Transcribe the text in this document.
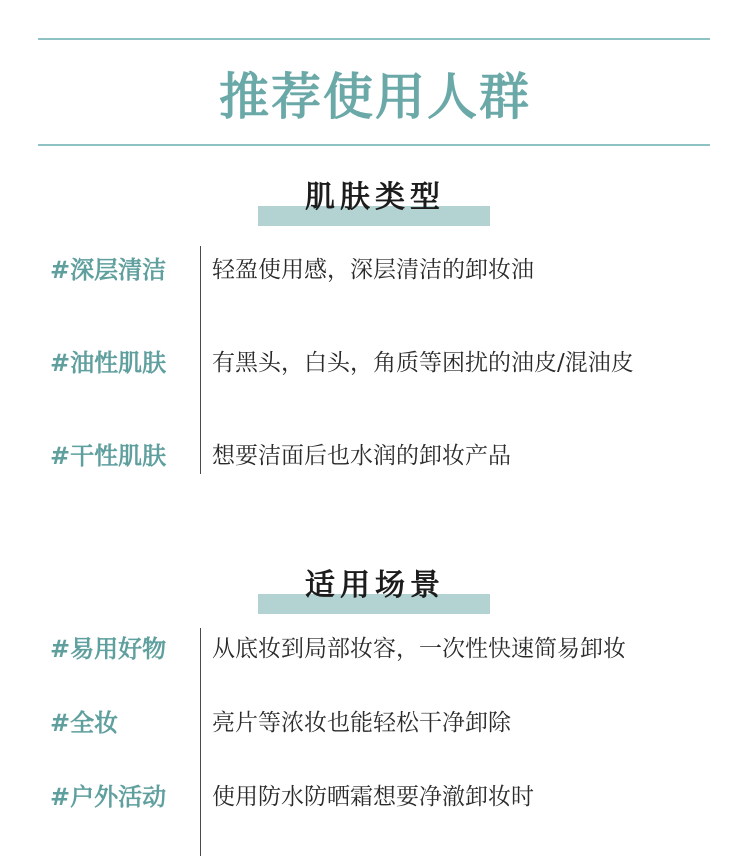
推荐使用人群
肌肤类型
#深层清洁 轻盈使用感，深层清洁的卸妆油
#油性肌肤 有黑头，白头，角质等困扰的油皮/混油皮
#干性肌肤 想要洁面后也水润的卸妆产品
适用场景
#易用好物 从底妆到局部妆容，一次性快速简易卸妆
#全妆	亮片等浓妆也能轻松干净卸除
#户外活动 使用防水防晒霜想要净澈卸妆时
